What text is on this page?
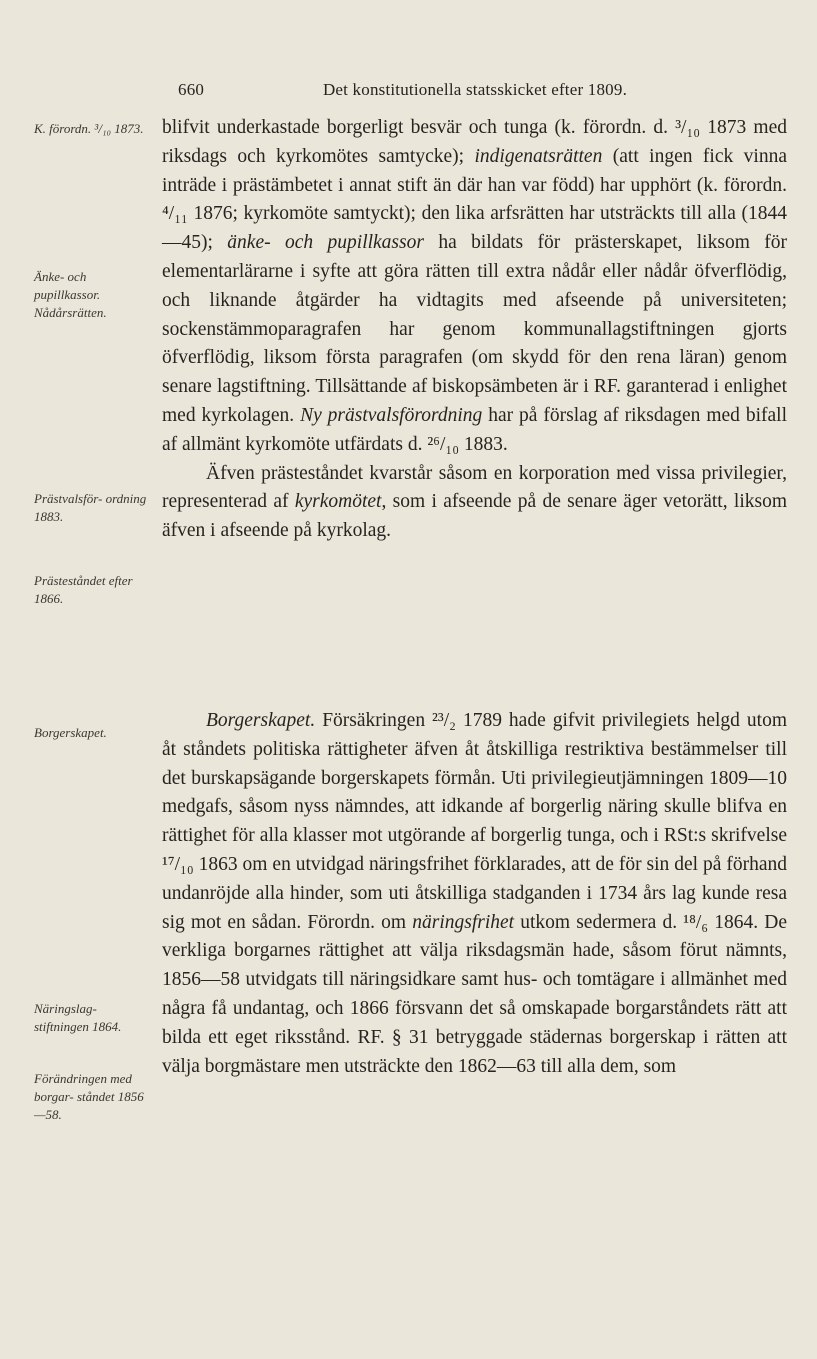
660	Det konstitutionella statsskicket efter 1809.
K. förordn. ³/₁₀ 1873.
Änke- och pupillkassor. Nådårsrätten.
Prästvalsför- ordning 1883.
Prästeståndet efter 1866.
Borgerskapet.
Näringslag- stiftningen 1864.
Förändringen med borgar- ståndet 1856—58.

blifvit underkastade borgerligt besvär och tunga (k. förordn. d. ³/₁₀ 1873 med riksdags och kyrkomötes samtycke); indigenatsrätten (att ingen fick vinna inträde i prästämbetet i annat stift än där han var född) har upphört (k. förordn. ⁴/₁₁ 1876; kyrkomöte samtyckt); den lika arfsrätten har utsträckts till alla (1844—45); änke- och pupillkassor ha bildats för prästerskapet, liksom för elementarlärarne i syfte att göra rätten till extra nådår eller nådår öfverflödig, och liknande åtgärder ha vidtagits med afseende på universiteten; sockenstämmoparagrafen har genom kommunallagstiftningen gjorts öfverflödig, liksom första paragrafen (om skydd för den rena läran) genom senare lagstiftning. Tillsättande af biskopsämbeten är i RF. garanterad i enlighet med kyrkolagen. Ny prästvalsförordning har på förslag af riksdagen med bifall af allmänt kyrkomöte utfärdats d. ²⁶/₁₀ 1883.

Äfven prästeståndet kvarstår såsom en korporation med vissa privilegier, representerad af kyrkomötet, som i afseende på de senare äger vetorätt, liksom äfven i afseende på kyrkolag.

Borgerskapet. Försäkringen ²³/₂ 1789 hade gifvit privilegiets helgd utom åt ståndets politiska rättigheter äfven åt åtskilliga restriktiva bestämmelser till det burskapsägande borgerskapets förmån. Uti privilegieutjämningen 1809—10 medgafs, såsom nyss nämndes, att idkande af borgerlig näring skulle blifva en rättighet för alla klasser mot utgörande af borgerlig tunga, och i RSt:s skrifvelse ¹⁷/₁₀ 1863 om en utvidgad näringsfrihet förklarades, att de för sin del på förhand undanröjde alla hinder, som uti åtskilliga stadganden i 1734 års lag kunde resa sig mot en sådan. Förordn. om näringsfrihet utkom sedermera d. ¹⁸/₆ 1864. De verkliga borgarnes rättighet att välja riksdagsmän hade, såsom förut nämnts, 1856—58 utvidgats till näringsidkare samt hus- och tomtägare i allmänhet med några få undantag, och 1866 försvann det så omskapade borgarståndets rätt att bilda ett eget riksstånd. RF. § 31 betryggade städernas borgerskap i rätten att välja borgmästare men utsträckte den 1862—63 till alla dem, som
